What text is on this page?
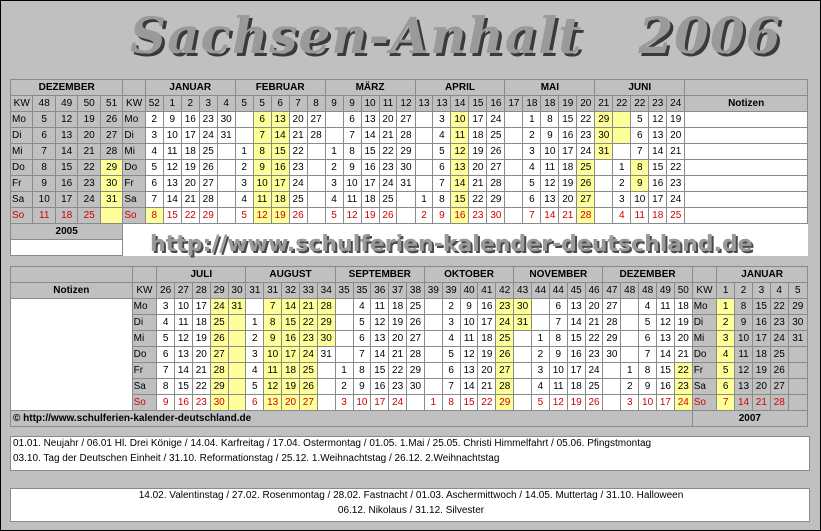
Sachsen-Anhalt 2006
DEZEMBER						JANUAR					FEBRUAR					MÄRZ					APRIL					MAI					JUNI					
KW	48	49	50	51	KW	52	1	2	3	4	5	5	6	7	8	9	9	10	11	12	13	13	14	15	16	17	18	18	19	20	21	22	22	23	24	Notizen
Mo	5	12	19	26	Mo	2	9	16	23	30		6	13	20	27		6	13	20	27		3	10	17	24		1	8	15	22	29		5	12	19	
Di	6	13	20	27	Di	3	10	17	24	31		7	14	21	28		7	14	21	28		4	11	18	25		2	9	16	23	30		6	13	20	
Mi	7	14	21	28	Mi	4	11	18	25		1	8	15	22		1	8	15	22	29		5	12	19	26		3	10	17	24	31		7	14	21	
Do	8	15	22	29	Do	5	12	19	26		2	9	16	23		2	9	16	23	30		6	13	20	27		4	11	18	25		1	8	15	22	
Fr	9	16	23	30	Fr	6	13	20	27		3	10	17	24		3	10	17	24	31		7	14	21	28		5	12	19	26		2	9	16	23	
Sa	10	17	24	31	Sa	7	14	21	28		4	11	18	25		4	11	18	25		1	8	15	22	29		6	13	20	27		3	10	17	24	
So	11	18	25		So	8	15	22	29		5	12	19	26		5	12	19	26		2	9	16	23	30		7	14	21	28		4	11	18	25	
2005																																				

http://www.schulferien-kalender-deutschland.de
		JULI					AUGUST					SEPTEMBER					OKTOBER					NOVEMBER					DEZEMBER						JANUAR				
Notizen	KW	26	27	28	29	30	31	31	32	33	34	35	35	36	37	38	39	39	40	41	42	43	44	44	45	46	47	48	48	49	50	KW	1	2	3	4	5
	Mo	3	10	17	24	31		7	14	21	28		4	11	18	25		2	9	16	23	30		6	13	20	27		4	11	18	Mo	1	8	15	22	29
	Di	4	11	18	25		1	8	15	22	29		5	12	19	26		3	10	17	24	31		7	14	21	28		5	12	19	Di	2	9	16	23	30
	Mi	5	12	19	26		2	9	16	23	30		6	13	20	27		4	11	18	25		1	8	15	22	29		6	13	20	Mi	3	10	17	24	31
	Do	6	13	20	27		3	10	17	24	31		7	14	21	28		5	12	19	26		2	9	16	23	30		7	14	21	Do	4	11	18	25	
	Fr	7	14	21	28		4	11	18	25		1	8	15	22	29		6	13	20	27		3	10	17	24		1	8	15	22	Fr	5	12	19	26	
	Sa	8	15	22	29		5	12	19	26		2	9	16	23	30		7	14	21	28		4	11	18	25		2	9	16	23	Sa	6	13	20	27	
	So	9	16	23	30		6	13	20	27		3	10	17	24		1	8	15	22	29		5	12	19	26		3	10	17	24	So	7	14	21	28	
© http://www.schulferien-kalender-deutschland.de																																2007					
01.01. Neujahr / 06.01 Hl. Drei Könige / 14.04. Karfreitag / 17.04. Ostermontag / 01.05. 1.Mai / 25.05. Christi Himmelfahrt / 05.06. Pfingstmontag
03.10. Tag der Deutschen Einheit / 31.10. Reformationstag / 25.12. 1.Weihnachtstag / 26.12. 2.Weihnachtstag
14.02. Valentinstag / 27.02. Rosenmontag / 28.02. Fastnacht / 01.03. Aschermittwoch / 14.05. Muttertag / 31.10. Halloween
06.12. Nikolaus / 31.12. Silvester
